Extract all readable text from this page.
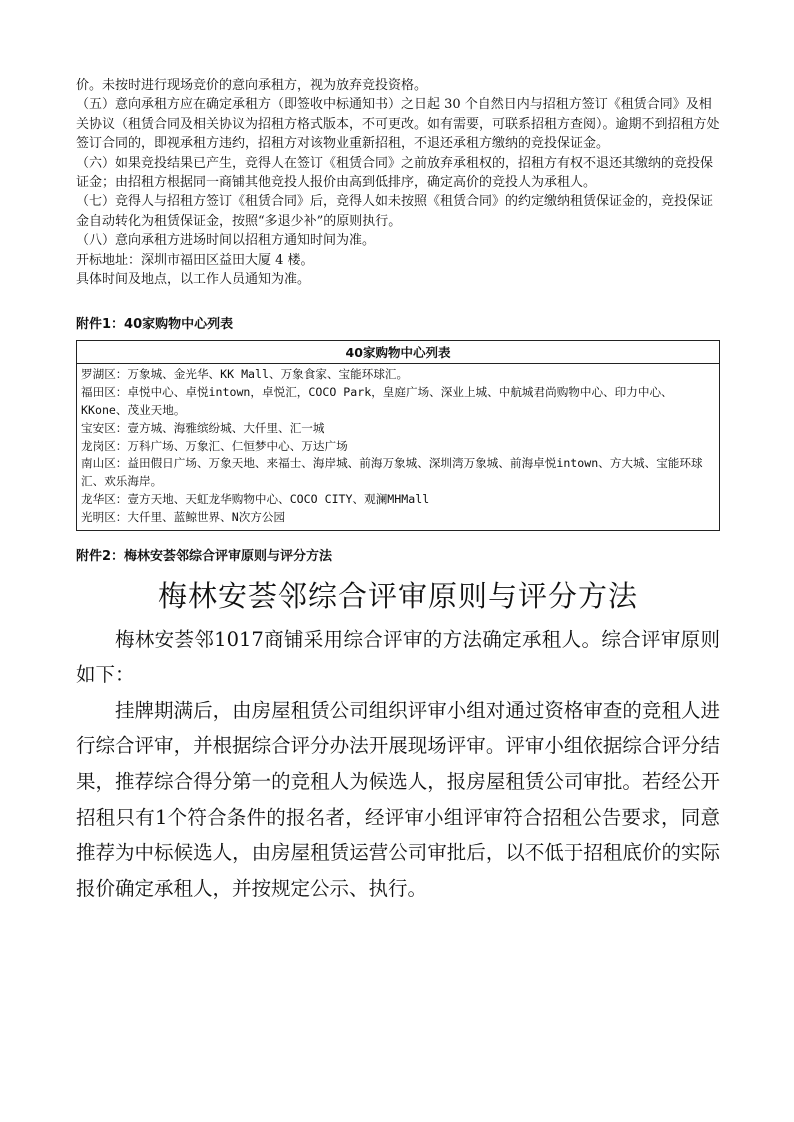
价。未按时进行现场竞价的意向承租方，视为放弃竞投资格。

（五）意向承租方应在确定承租方（即签收中标通知书）之日起 30 个自然日内与招租方签订《租赁合同》及相关协议（租赁合同及相关协议为招租方格式版本，不可更改。如有需要，可联系招租方查阅）。逾期不到招租方处签订合同的，即视承租方违约，招租方对该物业重新招租，不退还承租方缴纳的竞投保证金。

（六）如果竞投结果已产生，竞得人在签订《租赁合同》之前放弃承租权的，招租方有权不退还其缴纳的竞投保证金；由招租方根据同一商铺其他竞投人报价由高到低排序，确定高价的竞投人为承租人。

（七）竞得人与招租方签订《租赁合同》后，竞得人如未按照《租赁合同》的约定缴纳租赁保证金的，竞投保证金自动转化为租赁保证金，按照“多退少补”的原则执行。

（八）意向承租方进场时间以招租方通知时间为准。

开标地址：深圳市福田区益田大厦 4 楼。

具体时间及地点，以工作人员通知为准。

附件1：40家购物中心列表
40家购物中心列表
罗湖区：万象城、金光华、KK Mall、万象食家、宝能环球汇。
福田区：卓悦中心、卓悦intown，卓悦汇，COCO Park，皇庭广场、深业上城、中航城君尚购物中心、印力中心、KKone、茂业天地。
宝安区：壹方城、海雅缤纷城、大仟里、汇一城
龙岗区：万科广场、万象汇、仁恒梦中心、万达广场
南山区：益田假日广场、万象天地、来福士、海岸城、前海万象城、深圳湾万象城、前海卓悦intown、方大城、宝能环球汇、欢乐海岸。
龙华区：壹方天地、天虹龙华购物中心、COCO CITY、观澜MHMall
光明区：大仟里、蓝鲸世界、N次方公园
附件2：梅林安荟邻综合评审原则与评分方法
梅林安荟邻综合评审原则与评分方法

梅林安荟邻1017商铺采用综合评审的方法确定承租人。综合评审原则如下：

挂牌期满后，由房屋租赁公司组织评审小组对通过资格审查的竞租人进行综合评审，并根据综合评分办法开展现场评审。评审小组依据综合评分结果，推荐综合得分第一的竞租人为候选人，报房屋租赁公司审批。若经公开招租只有1个符合条件的报名者，经评审小组评审符合招租公告要求，同意推荐为中标候选人，由房屋租赁运营公司审批后，以不低于招租底价的实际报价确定承租人，并按规定公示、执行。
